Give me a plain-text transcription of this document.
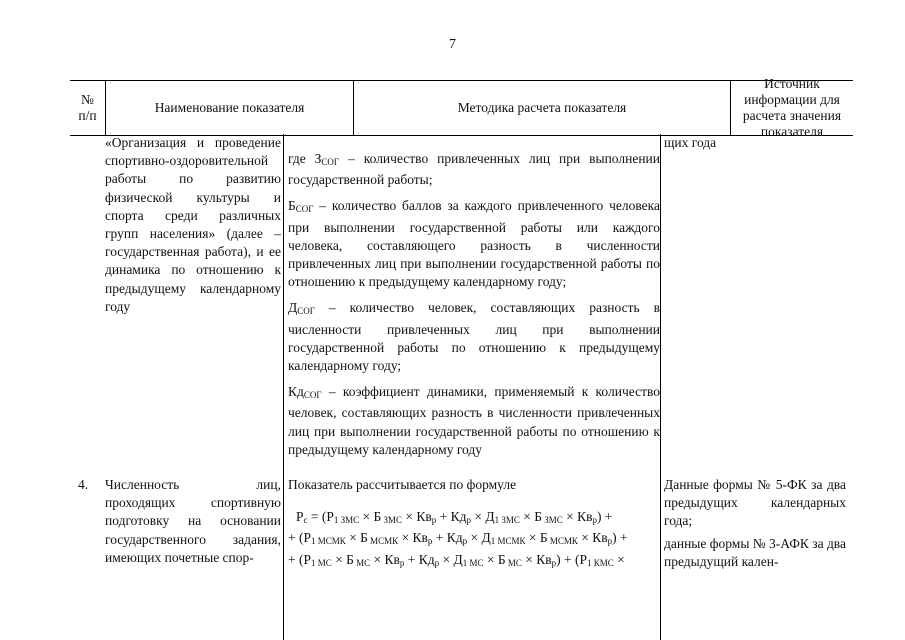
7
№
п/п
Наименование показателя	Методика расчета показателя
Источник информации для расчета значения показателя
«Организация и проведение спортивно-оздоровительной работы по развитию физической культуры и спорта среди различных групп населения» (далее – государственная работа), и ее динамика по отношению к предыдущему календарному году
где $З_{СОГ}$ – количество привлеченных лиц при выполнении государственной работы;
$Б_{СОГ}$ – количество баллов за каждого привлеченного человека при выполнении государственной работы или каждого человека, составляющего разность в численности привлеченных лиц при выполнении государственной работы по отношению к предыдущему календарному году;
$Д_{СОГ}$ – количество человек, составляющих разность в численности привлеченных лиц при выполнении государственной работы по отношению к предыдущему календарному году;
$Кд_{СОГ}$ – коэффициент динамики, применяемый к количество человек, составляющих разность в численности привлеченных лиц при выполнении государственной работы по отношению к предыдущему календарному году
щих года
4.	Численность лиц, проходящих спортивную подготовку на основании государственного задания, имеющих почетные спор-
Показатель рассчитывается по формуле
$Р_с = (Р_{1 ЗМС} \times Б$ $_{ЗМС} \times Кв_р + Кд_р \times Д_{1 ЗМС} \times Б$ $_{ЗМС} \times Кв_р$) +
+ ($Р_{1 МСМК} \times Б$ $_{МСМК} \times Кв_р + Кд_р \times Д_{1 МСМК} \times Б$ $_{МСМК} \times Кв_р$) +
+ ($Р_{1 МС} \times Б$ $_{МС} \times Кв_р + Кд_р \times Д_{1 МС} \times Б$ $_{МС} \times Кв_р) + (Р_{1 КМС}$ ×
Данные формы № 5-ФК за два предыдущих календарных года;
данные формы № 3-АФК за два предыдущий кален-
